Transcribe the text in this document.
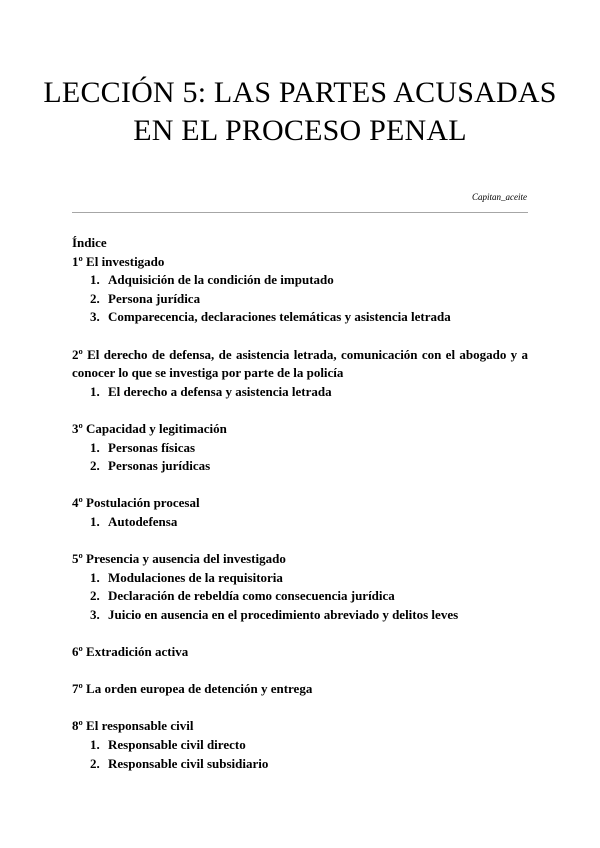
LECCIÓN 5: LAS PARTES ACUSADAS EN EL PROCESO PENAL
Capitan_aceite

Índice

1º El investigado

1. Adquisición de la condición de imputado
2. Persona jurídica
3. Comparecencia, declaraciones telemáticas y asistencia letrada

2º El derecho de defensa, de asistencia letrada, comunicación con el abogado y a conocer lo que se investiga por parte de la policía

1. El derecho a defensa y asistencia letrada

3º Capacidad y legitimación

1. Personas físicas
2. Personas jurídicas

4º Postulación procesal

1. Autodefensa

5º Presencia y ausencia del investigado

1. Modulaciones de la requisitoria
2. Declaración de rebeldía como consecuencia jurídica
3. Juicio en ausencia en el procedimiento abreviado y delitos leves

6º Extradición activa

7º La orden europea de detención y entrega

8º El responsable civil

1. Responsable civil directo
2. Responsable civil subsidiario
